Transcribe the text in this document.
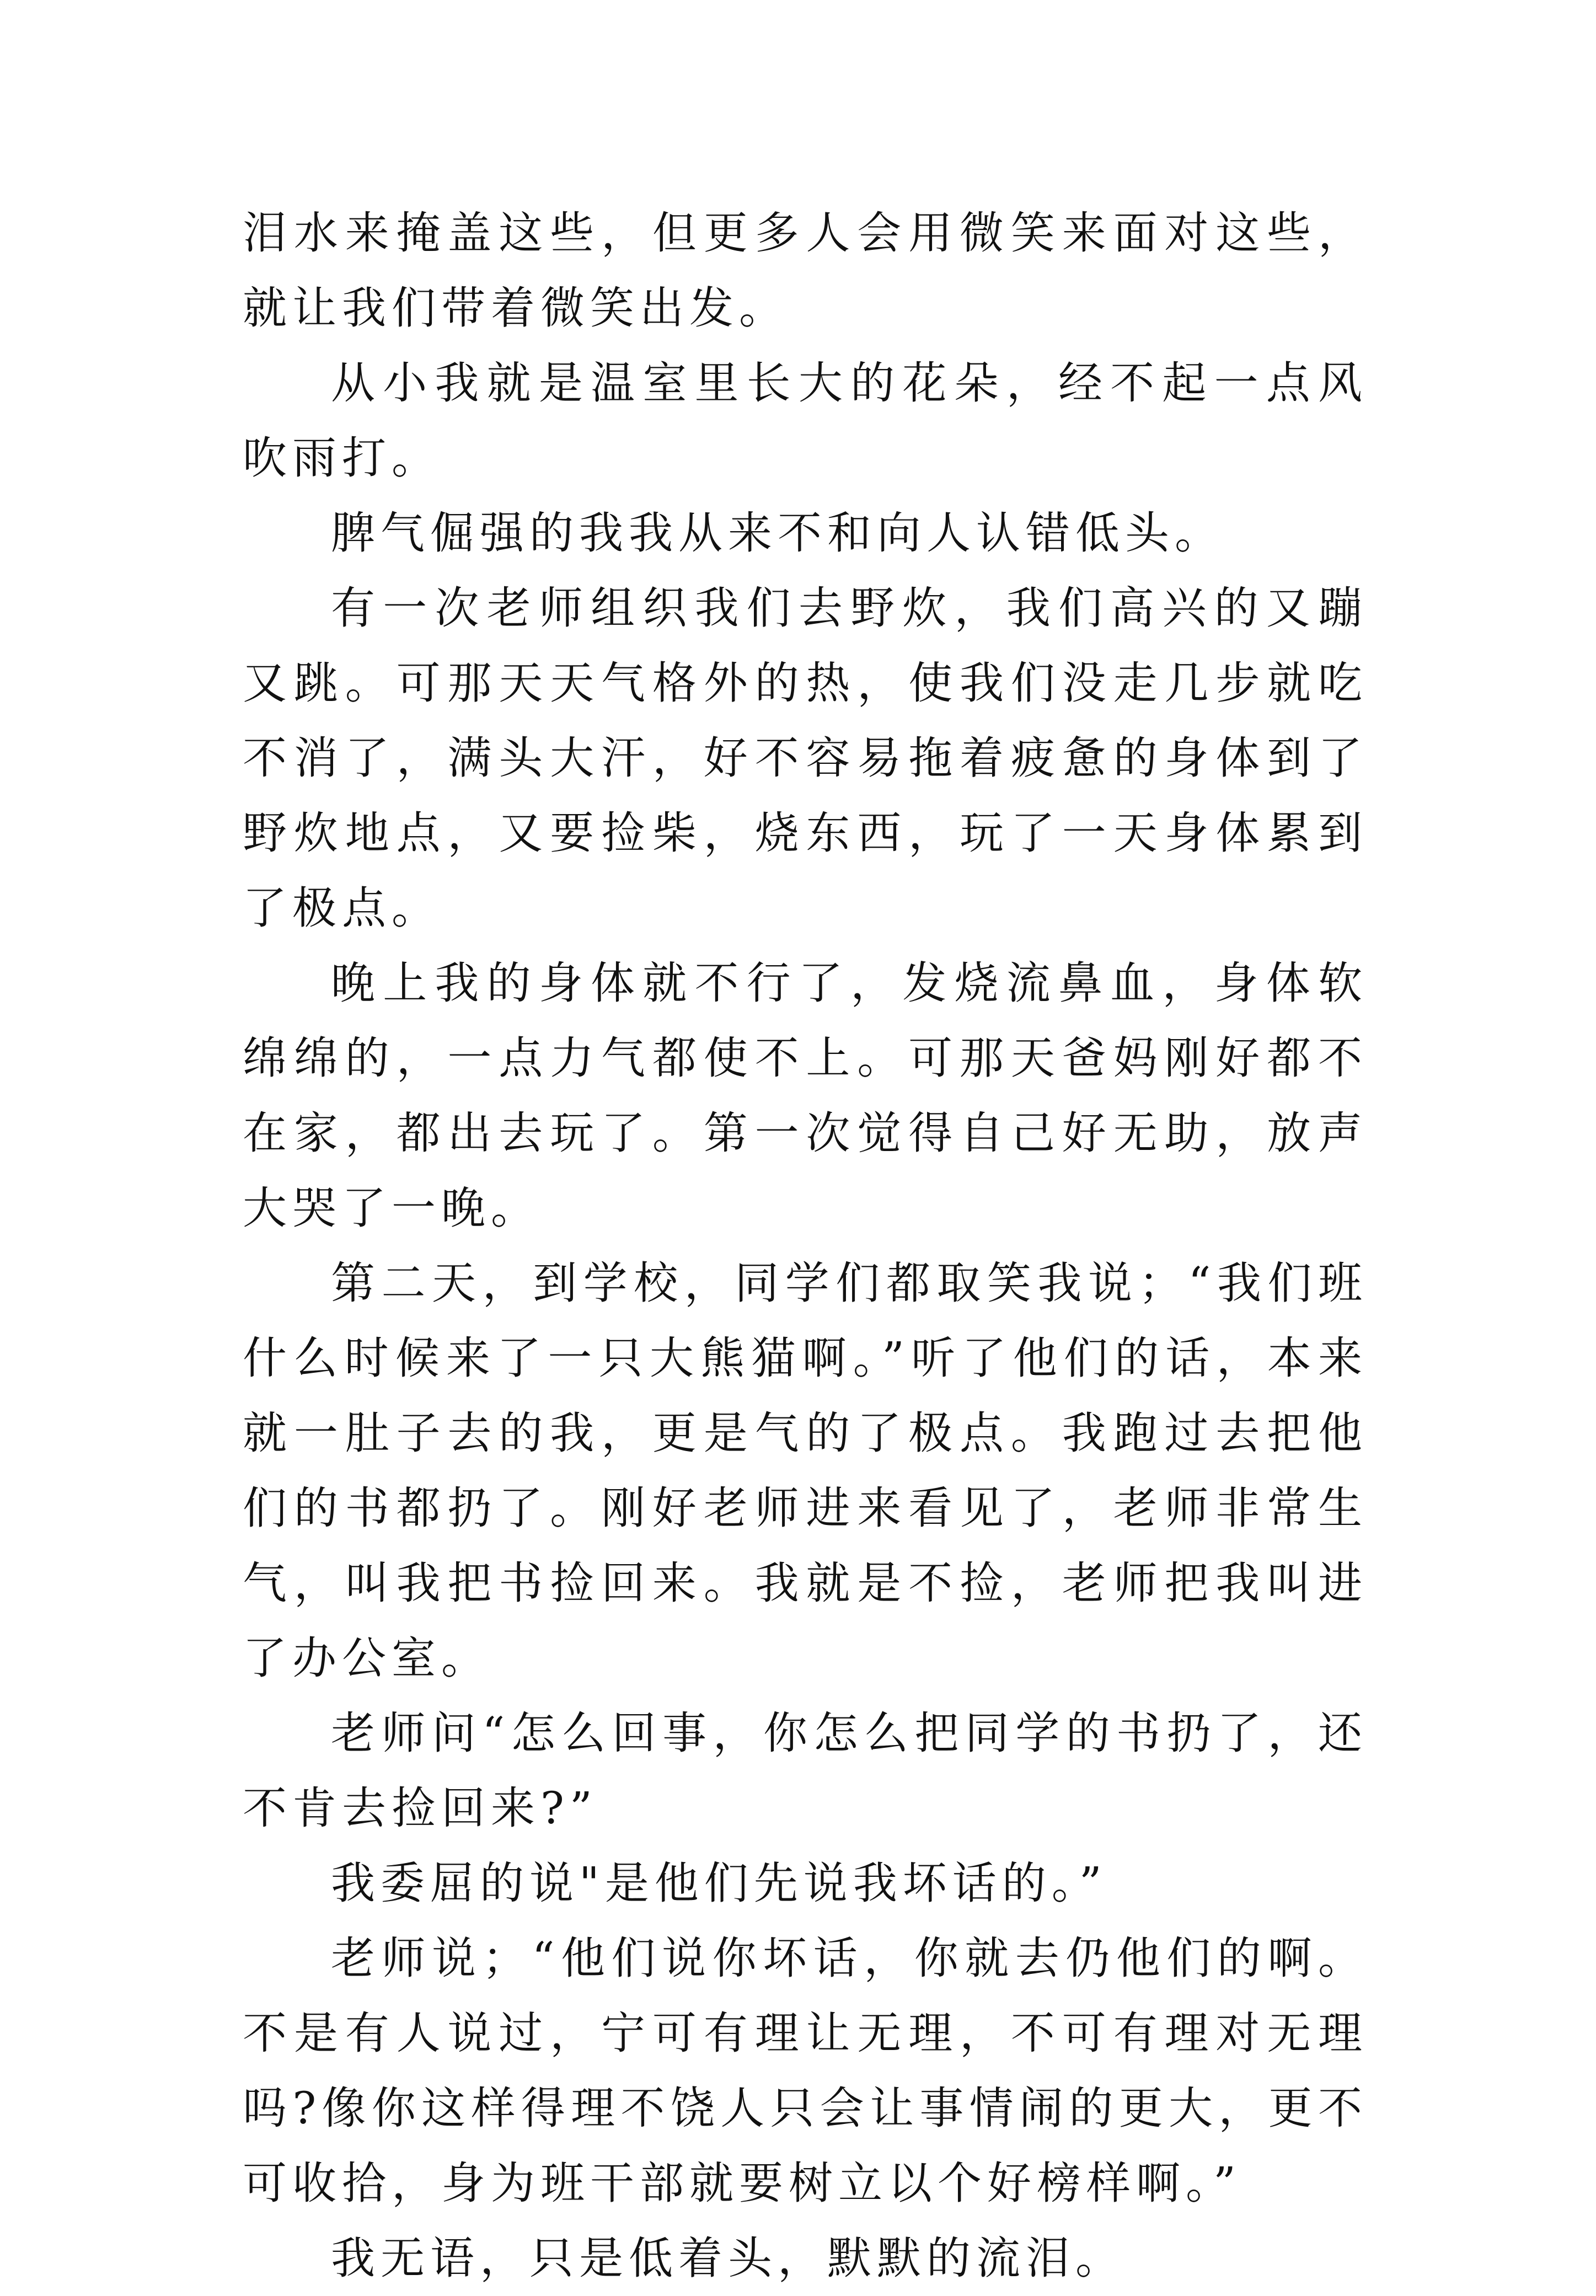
泪水来掩盖这些，但更多人会用微笑来面对这些，就让我们带着微笑出发。

从小我就是温室里长大的花朵，经不起一点风吹雨打。

脾气倔强的我我从来不和向人认错低头。

有一次老师组织我们去野炊，我们高兴的又蹦又跳。可那天天气格外的热，使我们没走几步就吃不消了，满头大汗，好不容易拖着疲惫的身体到了野炊地点，又要捡柴，烧东西，玩了一天身体累到了极点。

晚上我的身体就不行了，发烧流鼻血，身体软绵绵的，一点力气都使不上。可那天爸妈刚好都不在家，都出去玩了。第一次觉得自己好无助，放声大哭了一晚。

第二天，到学校，同学们都取笑我说；“我们班什么时候来了一只大熊猫啊。”听了他们的话，本来就一肚子去的我，更是气的了极点。我跑过去把他们的书都扔了。刚好老师进来看见了，老师非常生气，叫我把书捡回来。我就是不捡，老师把我叫进了办公室。

老师问“怎么回事，你怎么把同学的书扔了，还不肯去捡回来?”

我委屈的说"是他们先说我坏话的。”

老师说；“他们说你坏话，你就去仍他们的啊。不是有人说过，宁可有理让无理，不可有理对无理吗?像你这样得理不饶人只会让事情闹的更大，更不可收拾，身为班干部就要树立以个好榜样啊。”

我无语，只是低着头，默默的流泪。
